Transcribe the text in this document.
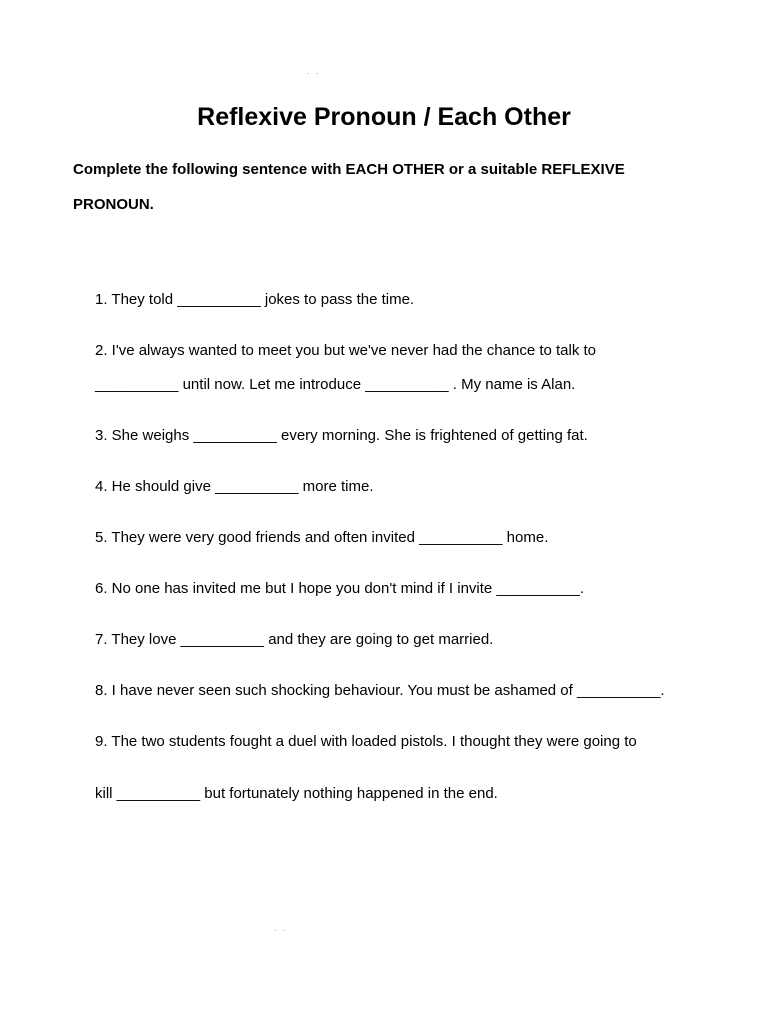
· ·
Reflexive Pronoun / Each Other

Complete the following sentence with EACH OTHER or a suitable REFLEXIVE PRONOUN.

1. They told __________ jokes to pass the time.

2. I've always wanted to meet you but we've never had the chance to talk to

__________ until now. Let me introduce __________ . My name is Alan.

3. She weighs __________ every morning. She is frightened of getting fat.

4. He should give __________ more time.

5. They were very good friends and often invited __________ home.

6. No one has invited me but I hope you don't mind if I invite __________.

7. They love __________ and they are going to get married.

8. I have never seen such shocking behaviour. You must be ashamed of __________.

9. The two students fought a duel with loaded pistols. I thought they were going to

kill __________ but fortunately nothing happened in the end.

· ·
